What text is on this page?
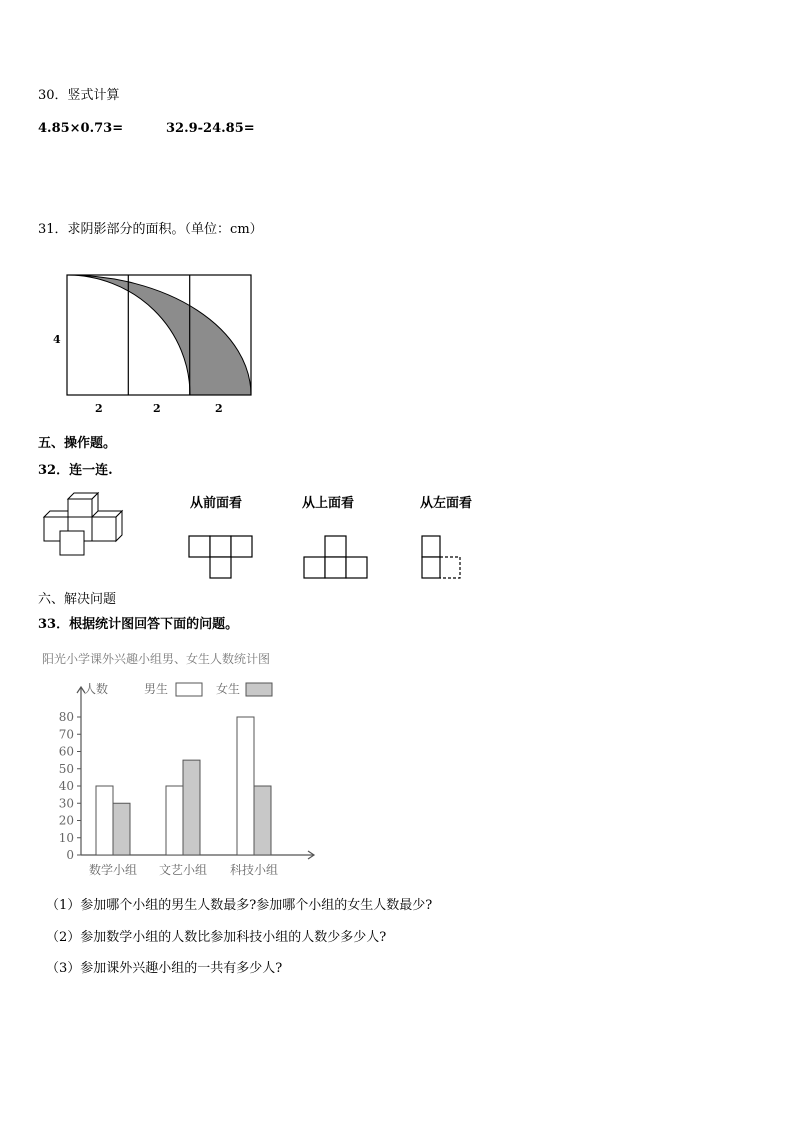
30．竖式计算
4.85×0.73=	32.9-24.85=
31．求阴影部分的面积。（单位：cm）
4
2	2	2
五、操作题。
32．连一连.
从前面看	从上面看	从左面看
六、解决问题
33．根据统计图回答下面的问题。
阳光小学课外兴趣小组男、女生人数统计图
人数	男生	女生
0
10
20
30
40
50
60
70
80
数学小组 文艺小组 科技小组
（1）参加哪个小组的男生人数最多?参加哪个小组的女生人数最少?
（2）参加数学小组的人数比参加科技小组的人数少多少人?
（3）参加课外兴趣小组的一共有多少人?
